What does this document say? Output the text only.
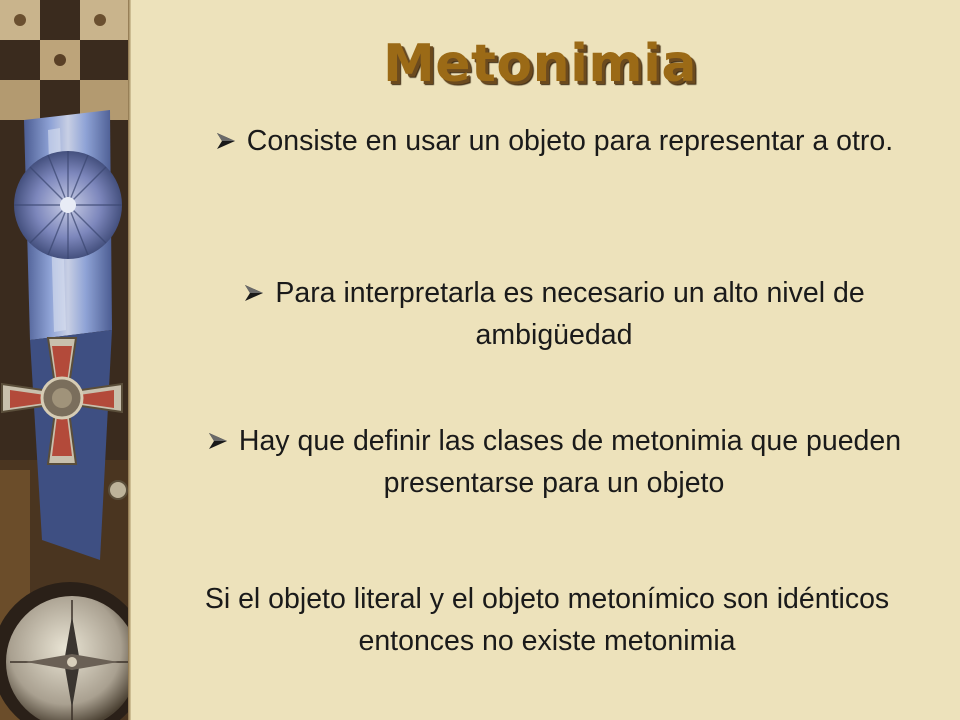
Metonimia

Consiste en usar un objeto para representar a otro.

Para interpretarla es necesario un alto nivel de ambigüedad

Hay que definir las clases de metonimia que pueden presentarse para un objeto

Si el objeto literal y el objeto metonímico son idénticos entonces no existe metonimia
